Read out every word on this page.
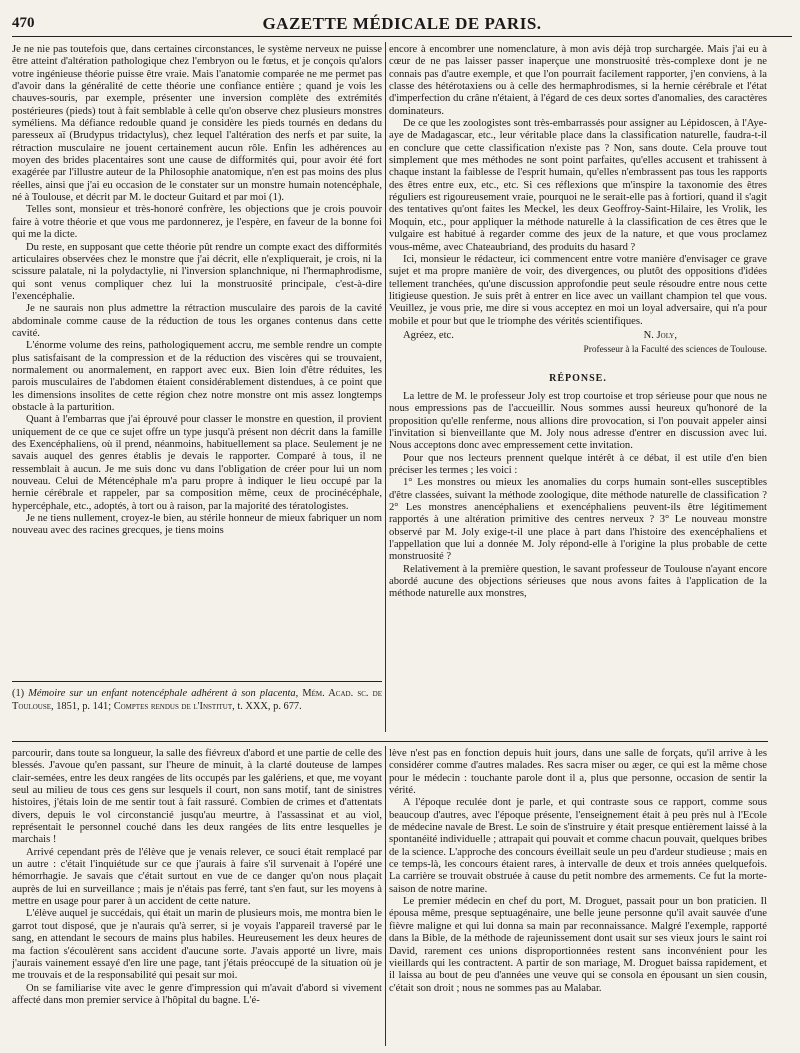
470	GAZETTE MÉDICALE DE PARIS.

Je ne nie pas toutefois que, dans certaines circonstances, le système nerveux ne puisse être atteint d'altération pathologique chez l'embryon ou le fœtus, et je conçois qu'alors votre ingénieuse théorie puisse être vraie. Mais l'anatomie comparée ne me permet pas d'avoir dans la généralité de cette théorie une confiance entière ; quand je vois les chauves-souris, par exemple, présenter une inversion complète des extrémités postérieures (pieds) tout à fait semblable à celle qu'on observe chez plusieurs monstres syméliens. Ma défiance redouble quand je considère les pieds tournés en dedans du paresseux aï (Brudypus tridactylus), chez lequel l'altération des nerfs et par suite, la rétraction musculaire ne jouent certainement aucun rôle. Enfin les adhérences au moyen des brides placentaires sont une cause de difformités qui, pour avoir été fort exagérée par l'illustre auteur de la Philosophie anatomique, n'en est pas moins des plus réelles, ainsi que j'ai eu occasion de le constater sur un monstre humain notencéphale, né à Toulouse, et décrit par M. le docteur Guitard et par moi (1).

Telles sont, monsieur et très-honoré confrère, les objections que je crois pouvoir faire à votre théorie et que vous me pardonnerez, je l'espère, en faveur de la bonne foi qui me la dicte.

Du reste, en supposant que cette théorie pût rendre un compte exact des difformités articulaires observées chez le monstre que j'ai décrit, elle n'expliquerait, je crois, ni la scissure palatale, ni la polydactylie, ni l'inversion splanchnique, ni l'hermaphrodisme, qui sont venus compliquer chez lui la monstruosité principale, c'est-à-dire l'exencéphalie.

Je ne saurais non plus admettre la rétraction musculaire des parois de la cavité abdominale comme cause de la réduction de tous les organes contenus dans cette cavité.

L'énorme volume des reins, pathologiquement accru, me semble rendre un compte plus satisfaisant de la compression et de la réduction des viscères qui se trouvaient, normalement ou anormalement, en rapport avec eux. Bien loin d'être réduites, les parois musculaires de l'abdomen étaient considérablement distendues, à ce point que les dimensions insolites de cette région chez notre monstre ont mis assez longtemps obstacle à la parturition.

Quant à l'embarras que j'ai éprouvé pour classer le monstre en question, il provient uniquement de ce que ce sujet offre un type jusqu'à présent non décrit dans la famille des Exencéphaliens, où il prend, néanmoins, habituellement sa place. Seulement je ne savais auquel des genres établis je devais le rapporter. Comparé à tous, il ne ressemblait à aucun. Je me suis donc vu dans l'obligation de créer pour lui un nom nouveau. Celui de Métencéphale m'a paru propre à indiquer le lieu occupé par la hernie cérébrale et rappeler, par sa composition même, ceux de procinécéphale, hypercéphale, etc., adoptés, à tort ou à raison, par la majorité des tératologistes.

Je ne tiens nullement, croyez-le bien, au stérile honneur de mieux fabriquer un nom nouveau avec des racines grecques, je tiens moins

(1) Mémoire sur un enfant notencéphale adhérent à son placenta, Mém. Acad. sc. de Toulouse, 1851, p. 141; Comptes rendus de l'Institut, t. XXX, p. 677.

encore à encombrer une nomenclature, à mon avis déjà trop surchargée. Mais j'ai eu à cœur de ne pas laisser passer inaperçue une monstruosité très-complexe dont je ne connais pas d'autre exemple, et que l'on pourrait facilement rapporter, j'en conviens, à la classe des hétérotaxiens ou à celle des hermaphrodismes, si la hernie cérébrale et l'état d'imperfection du crâne n'étaient, à l'égard de ces deux sortes d'anomalies, des caractères dominateurs.

De ce que les zoologistes sont très-embarrassés pour assigner au Lépidoscen, à l'Aye-aye de Madagascar, etc., leur véritable place dans la classification naturelle, faudra-t-il en conclure que cette classification n'existe pas ? Non, sans doute. Cela prouve tout simplement que mes méthodes ne sont point parfaites, qu'elles accusent et trahissent à chaque instant la faiblesse de l'esprit humain, qu'elles n'embrassent pas tous les rapports des êtres entre eux, etc., etc. Si ces réflexions que m'inspire la taxonomie des êtres réguliers est rigoureusement vraie, pourquoi ne le serait-elle pas à fortiori, quand il s'agit des tentatives qu'ont faites les Meckel, les deux Geoffroy-Saint-Hilaire, les Vrolik, les Moquin, etc., pour appliquer la méthode naturelle à la classification de ces êtres que le vulgaire est habitué à regarder comme des jeux de la nature, et que vous proclamez vous-même, avec Chateaubriand, des produits du hasard ?

Ici, monsieur le rédacteur, ici commencent entre votre manière d'envisager ce grave sujet et ma propre manière de voir, des divergences, ou plutôt des oppositions d'idées tellement tranchées, qu'une discussion approfondie peut seule résoudre entre nous cette litigieuse question. Je suis prêt à entrer en lice avec un vaillant champion tel que vous. Veuillez, je vous prie, me dire si vous acceptez en moi un loyal adversaire, qui n'a pour mobile et pour but que le triomphe des vérités scientifiques.

Agréez, etc.	N. Joly,
Professeur à la Faculté des sciences de Toulouse.
RÉPONSE.

La lettre de M. le professeur Joly est trop courtoise et trop sérieuse pour que nous ne nous empressions pas de l'accueillir. Nous sommes aussi heureux qu'honoré de la proposition qu'elle renferme, nous allions dire provocation, si l'on pouvait appeler ainsi l'invitation si bienveillante que M. Joly nous adresse d'entrer en discussion avec lui. Nous acceptons donc avec empressement cette invitation.

Pour que nos lecteurs prennent quelque intérêt à ce débat, il est utile d'en bien préciser les termes ; les voici :

1° Les monstres ou mieux les anomalies du corps humain sont-elles susceptibles d'être classées, suivant la méthode zoologique, dite méthode naturelle de classification ? 2° Les monstres anencéphaliens et exencéphaliens peuvent-ils être légitimement rapportés à une altération primitive des centres nerveux ? 3° Le nouveau monstre observé par M. Joly exige-t-il une place à part dans l'histoire des exencéphaliens et l'appellation que lui a donnée M. Joly répond-elle à l'origine la plus probable de cette monstruosité ?

Relativement à la première question, le savant professeur de Toulouse n'ayant encore abordé aucune des objections sérieuses que nous avons faites à l'application de la méthode naturelle aux monstres,

parcourir, dans toute sa longueur, la salle des fiévreux d'abord et une partie de celle des blessés. J'avoue qu'en passant, sur l'heure de minuit, à la clarté douteuse de lampes clair-semées, entre les deux rangées de lits occupés par les galériens, et que, me voyant seul au milieu de tous ces gens sur lesquels il court, non sans motif, tant de sinistres histoires, j'étais loin de me sentir tout à fait rassuré. Combien de crimes et d'attentats divers, depuis le vol circonstancié jusqu'au meurtre, à l'assassinat et au viol, représentait le personnel couché dans les deux rangées de lits entre lesquelles je marchais !

Arrivé cependant près de l'élève que je venais relever, ce souci était remplacé par un autre : c'était l'inquiétude sur ce que j'aurais à faire s'il survenait à l'opéré une hémorrhagie. Je savais que c'était surtout en vue de ce danger qu'on nous plaçait auprès de lui en surveillance ; mais je n'étais pas ferré, tant s'en faut, sur les moyens à mettre en usage pour parer à un accident de cette nature.

L'élève auquel je succédais, qui était un marin de plusieurs mois, me montra bien le garrot tout disposé, que je n'aurais qu'à serrer, si je voyais l'appareil traversé par le sang, en attendant le secours de mains plus habiles. Heureusement les deux heures de ma faction s'écoulèrent sans accident d'aucune sorte. J'avais apporté un livre, mais j'aurais vainement essayé d'en lire une page, tant j'étais préoccupé de la situation où je me trouvais et de la responsabilité qui pesait sur moi.

On se familiarise vite avec le genre d'impression qui m'avait d'abord si vivement affecté dans mon premier service à l'hôpital du bagne. L'é-

lève n'est pas en fonction depuis huit jours, dans une salle de forçats, qu'il arrive à les considérer comme d'autres malades. Res sacra miser ou æger, ce qui est la même chose pour le médecin : touchante parole dont il a, plus que personne, occasion de sentir la vérité.

A l'époque reculée dont je parle, et qui contraste sous ce rapport, comme sous beaucoup d'autres, avec l'époque présente, l'enseignement était à peu près nul à l'Ecole de médecine navale de Brest. Le soin de s'instruire y était presque entièrement laissé à la spontanéité individuelle ; attrapait qui pouvait et comme chacun pouvait, quelques bribes de la science. L'approche des concours éveillait seule un peu d'ardeur studieuse ; mais en ce temps-là, les concours étaient rares, à intervalle de deux et trois années quelquefois. La carrière se trouvait obstruée à cause du petit nombre des armements. Ce fut la morte-saison de notre marine.

Le premier médecin en chef du port, M. Droguet, passait pour un bon praticien. Il épousa même, presque septuagénaire, une belle jeune personne qu'il avait sauvée d'une fièvre maligne et qui lui donna sa main par reconnaissance. Malgré l'exemple, rapporté dans la Bible, de la méthode de rajeunissement dont usait sur ses vieux jours le saint roi David, rarement ces unions disproportionnées restent sans inconvénient pour les vieillards qui les contractent. A partir de son mariage, M. Droguet baissa rapidement, et il laissa au bout de peu d'années une veuve qui se consola en épousant un sien cousin, c'était son droit ; nous ne sommes pas au Malabar.
